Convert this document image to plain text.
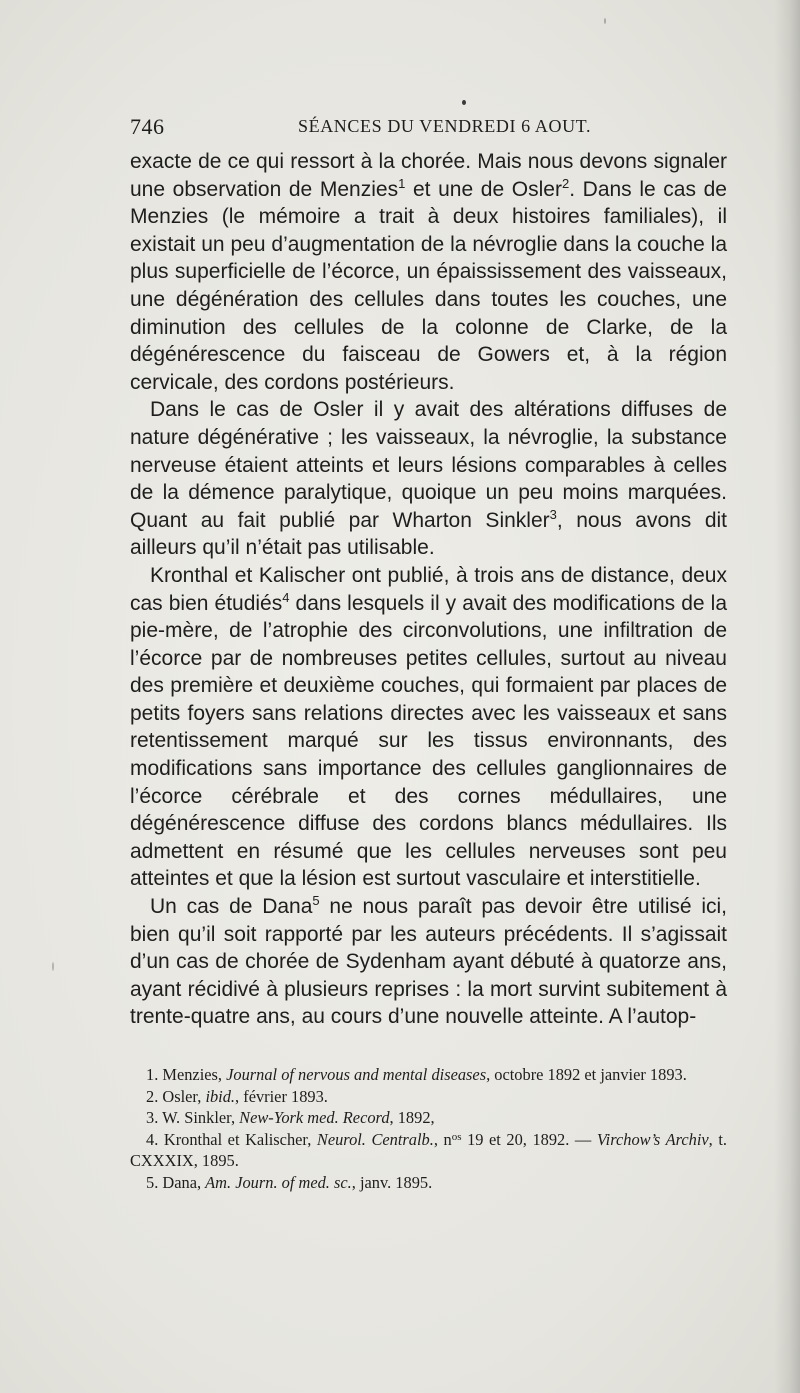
746	SÉANCES DU VENDREDI 6 AOUT.

exacte de ce qui ressort à la chorée. Mais nous devons signaler une observation de Menzies$^1$ et une de Osler$^2$. Dans le cas de Menzies (le mémoire a trait à deux histoires familiales), il existait un peu d’augmentation de la névroglie dans la couche la plus superficielle de l’écorce, un épaississement des vaisseaux, une dégénération des cellules dans toutes les couches, une diminution des cellules de la colonne de Clarke, de la dégénérescence du faisceau de Gowers et, à la région cervicale, des cordons postérieurs.

Dans le cas de Osler il y avait des altérations diffuses de nature dégénérative ; les vaisseaux, la névroglie, la substance nerveuse étaient atteints et leurs lésions comparables à celles de la démence paralytique, quoique un peu moins marquées. Quant au fait publié par Wharton Sinkler$^3$, nous avons dit ailleurs qu’il n’était pas utilisable.

Kronthal et Kalischer ont publié, à trois ans de distance, deux cas bien étudiés$^4$ dans lesquels il y avait des modifications de la pie-mère, de l’atrophie des circonvolutions, une infiltration de l’écorce par de nombreuses petites cellules, surtout au niveau des première et deuxième couches, qui formaient par places de petits foyers sans relations directes avec les vaisseaux et sans retentissement marqué sur les tissus environnants, des modifications sans importance des cellules ganglionnaires de l’écorce cérébrale et des cornes médullaires, une dégénérescence diffuse des cordons blancs médullaires. Ils admettent en résumé que les cellules nerveuses sont peu atteintes et que la lésion est surtout vasculaire et interstitielle.

Un cas de Dana$^5$ ne nous paraît pas devoir être utilisé ici, bien qu’il soit rapporté par les auteurs précédents. Il s’agissait d’un cas de chorée de Sydenham ayant débuté à quatorze ans, ayant récidivé à plusieurs reprises : la mort survint subitement à trente-quatre ans, au cours d’une nouvelle atteinte. A l’autop-

1. Menzies, Journal of nervous and mental diseases, octobre 1892 et janvier 1893.

2. Osler, ibid., février 1893.

3. W. Sinkler, New-York med. Record, 1892,

4. Kronthal et Kalischer, Neurol. Centralb., $n^{os}$ 19 et 20, 1892. — Virchow’s Archiv, t. CXXXIX, 1895.

5. Dana, Am. Journ. of med. sc., janv. 1895.
